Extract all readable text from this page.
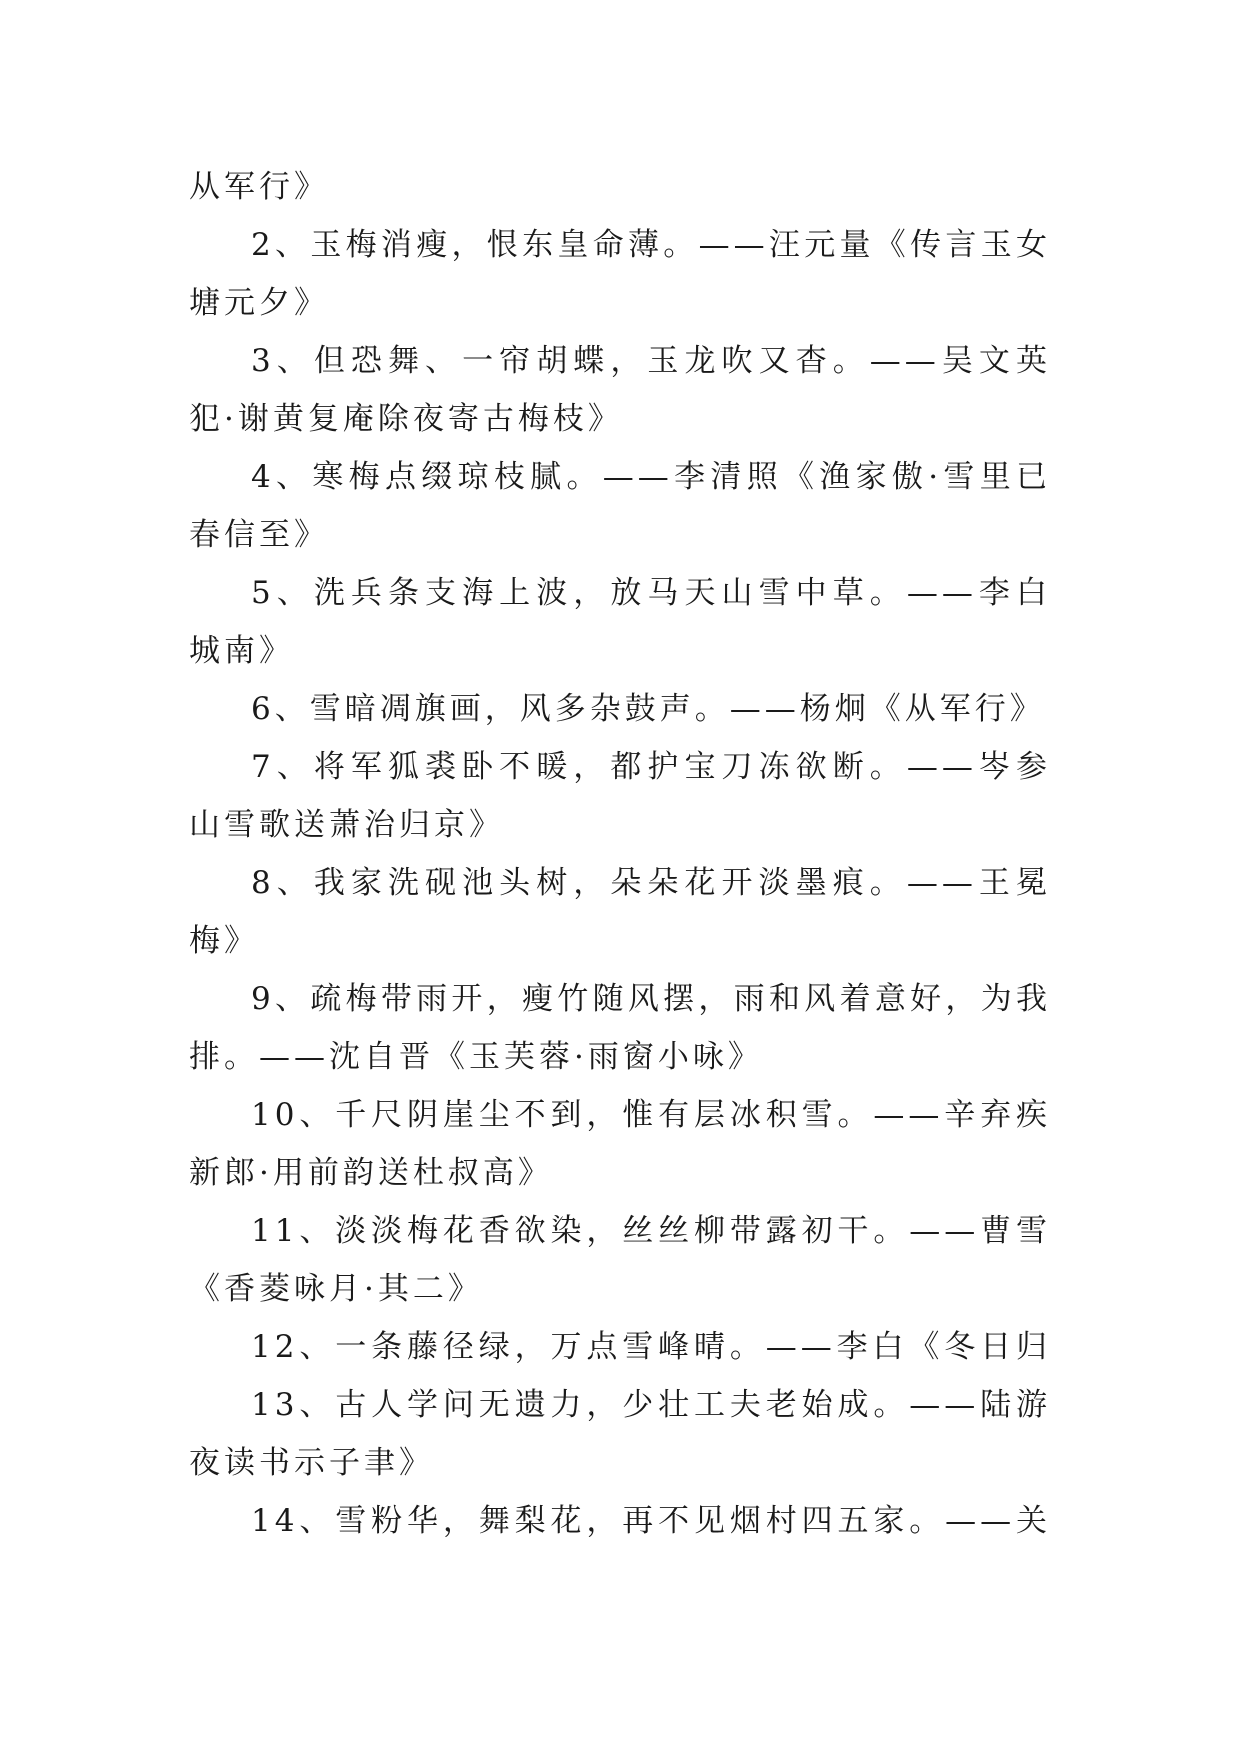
从军行》
2、玉梅消瘦，恨东皇命薄。——汪元量《传言玉女
塘元夕》
3、但恐舞、一帘胡蝶，玉龙吹又杳。——吴文英
犯·谢黄复庵除夜寄古梅枝》
4、寒梅点缀琼枝腻。——李清照《渔家傲·雪里已
春信至》
5、洗兵条支海上波，放马天山雪中草。——李白
城南》
6、雪暗凋旗画，风多杂鼓声。——杨炯《从军行》
7、将军狐裘卧不暖，都护宝刀冻欲断。——岑参
山雪歌送萧治归京》
8、我家洗砚池头树，朵朵花开淡墨痕。——王冕
梅》
9、疏梅带雨开，瘦竹随风摆，雨和风着意好，为我
排。——沈自晋《玉芙蓉·雨窗小咏》
10、千尺阴崖尘不到，惟有层冰积雪。——辛弃疾
新郎·用前韵送杜叔高》
11、淡淡梅花香欲染，丝丝柳带露初干。——曹雪
《香菱咏月·其二》
12、一条藤径绿，万点雪峰晴。——李白《冬日归
13、古人学问无遗力，少壮工夫老始成。——陆游
夜读书示子聿》
14、雪粉华，舞梨花，再不见烟村四五家。——关
